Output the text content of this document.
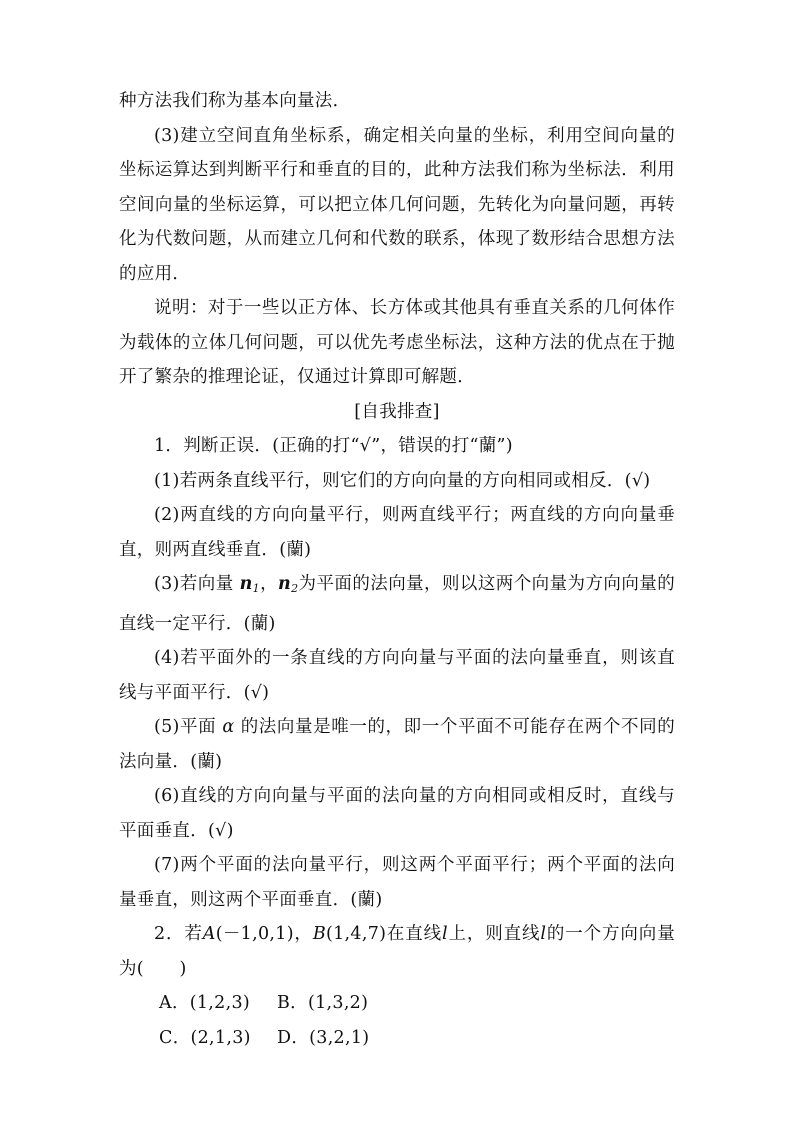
种方法我们称为基本向量法．

(3)建立空间直角坐标系，确定相关向量的坐标，利用空间向量的坐标运算达到判断平行和垂直的目的，此种方法我们称为坐标法．利用空间向量的坐标运算，可以把立体几何问题，先转化为向量问题，再转化为代数问题，从而建立几何和代数的联系，体现了数形结合思想方法的应用．

说明：对于一些以正方体、长方体或其他具有垂直关系的几何体作为载体的立体几何问题，可以优先考虑坐标法，这种方法的优点在于抛开了繁杂的推理论证，仅通过计算即可解题．

[自我排查]

1．判断正误．(正确的打“√”，错误的打“蘭”)

(1)若两条直线平行，则它们的方向向量的方向相同或相反．(√)

(2)两直线的方向向量平行，则两直线平行；两直线的方向向量垂直，则两直线垂直．(蘭)

(3)若向量 $n_1$，$n_2$为平面的法向量，则以这两个向量为方向向量的直线一定平行．(蘭)

(4)若平面外的一条直线的方向向量与平面的法向量垂直，则该直线与平面平行．(√)

(5)平面 α 的法向量是唯一的，即一个平面不可能存在两个不同的法向量．(蘭)

(6)直线的方向向量与平面的法向量的方向相同或相反时，直线与平面垂直．(√)

(7)两个平面的法向量平行，则这两个平面平行；两个平面的法向量垂直，则这两个平面垂直．(蘭)

2．若A(－1,0,1)，B(1,4,7)在直线l上，则直线l的一个方向向量为(　　)

A．(1,2,3) B．(1,3,2)

C．(2,1,3) D．(3,2,1)
